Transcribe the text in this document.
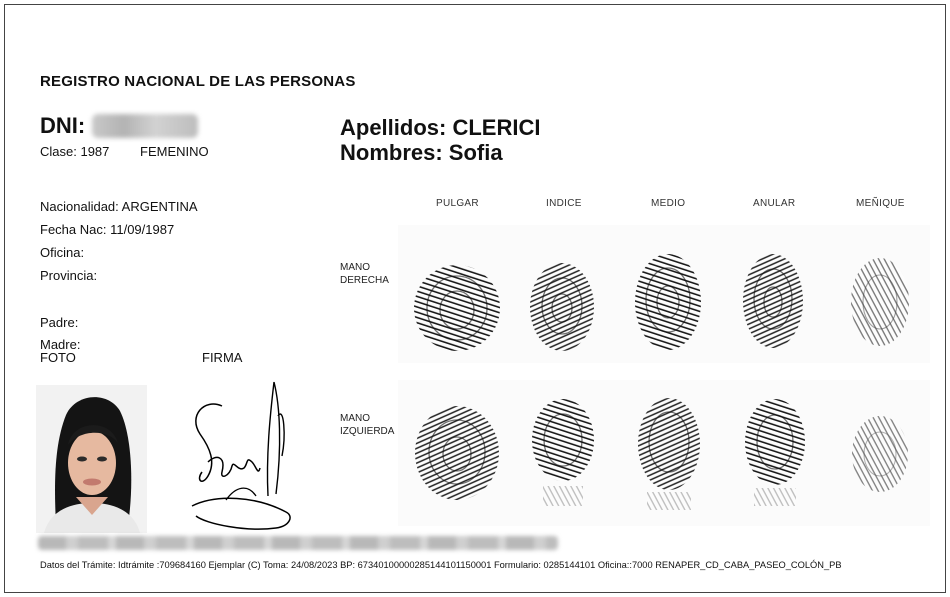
REGISTRO NACIONAL DE LAS PERSONAS
DNI:
Clase: 1987 FEMENINO
Apellidos: CLERICI
Nombres: Sofia
Nacionalidad: ARGENTINA
Fecha Nac: 11/09/1987
Oficina:
Provincia:
Padre:
Madre:
FOTO	FIRMA
PULGAR	INDICE	MEDIO	ANULAR	MEÑIQUE
MANO
DERECHA
MANO
IZQUIERDA
Datos del Trámite: Idtrámite :709684160 Ejemplar (C) Toma: 24/08/2023 BP: 67340100000285144101150001 Formulario: 0285144101 Oficina::7000 RENAPER_CD_CABA_PASEO_COLÓN_PB
